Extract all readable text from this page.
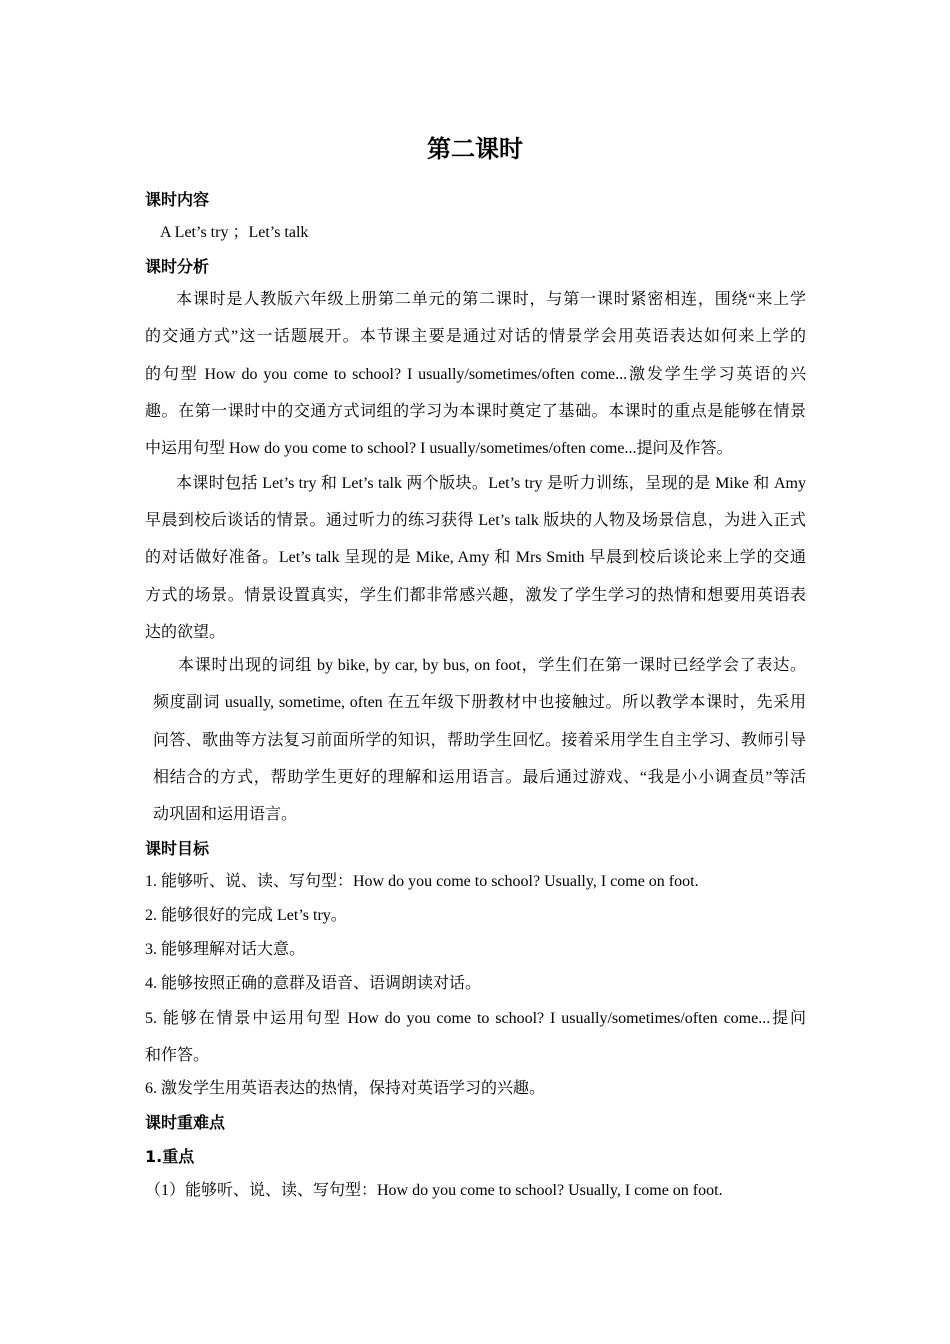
第二课时
课时内容
A Let’s try ；Let’s talk
课时分析
本课时是人教版六年级上册第二单元的第二课时，与第一课时紧密相连，围绕“来上学
的交通方式”这一话题展开。本节课主要是通过对话的情景学会用英语表达如何来上学的
的句型 How do you come to school? I usually/sometimes/often come...激发学生学习英语的兴
趣。在第一课时中的交通方式词组的学习为本课时奠定了基础。本课时的重点是能够在情景
中运用句型 How do you come to school? I usually/sometimes/often come...提问及作答。
本课时包括 Let’s try 和 Let’s talk 两个版块。Let’s try 是听力训练，呈现的是 Mike 和 Amy
早晨到校后谈话的情景。通过听力的练习获得 Let’s talk 版块的人物及场景信息，为进入正式
的对话做好准备。Let’s talk 呈现的是 Mike, Amy 和 Mrs Smith 早晨到校后谈论来上学的交通
方式的场景。情景设置真实，学生们都非常感兴趣，激发了学生学习的热情和想要用英语表
达的欲望。
本课时出现的词组 by bike, by car, by bus, on foot，学生们在第一课时已经学会了表达。
频度副词 usually, sometime, often 在五年级下册教材中也接触过。所以教学本课时，先采用
问答、歌曲等方法复习前面所学的知识，帮助学生回忆。接着采用学生自主学习、教师引导
相结合的方式，帮助学生更好的理解和运用语言。最后通过游戏、“我是小小调查员”等活
动巩固和运用语言。
课时目标
1. 能够听、说、读、写句型：How do you come to school? Usually, I come on foot.
2. 能够很好的完成 Let’s try。
3. 能够理解对话大意。
4. 能够按照正确的意群及语音、语调朗读对话。
5. 能够在情景中运用句型 How do you come to school? I usually/sometimes/often come...提问
和作答。
6. 激发学生用英语表达的热情，保持对英语学习的兴趣。
课时重难点
1.重点
（1）能够听、说、读、写句型：How do you come to school? Usually, I come on foot.
